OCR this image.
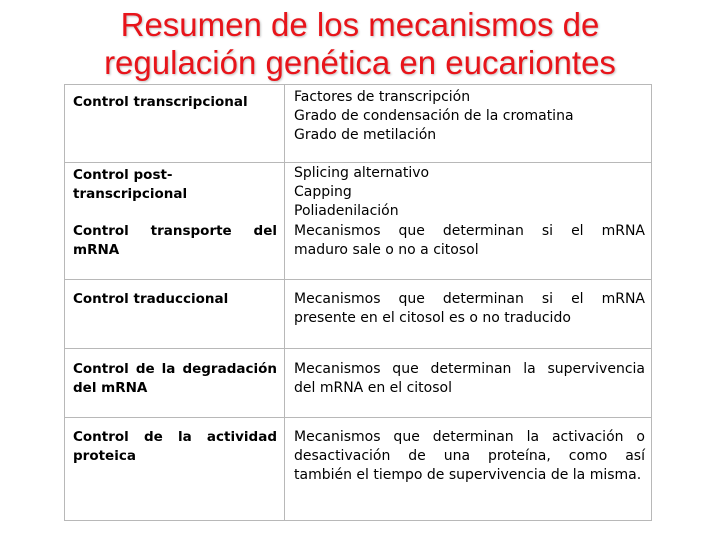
Resumen de los mecanismos de
regulación genética en eucariontes
Control transcripcional	Factores de transcripción
Grado de condensación de la cromatina
Grado de metilación
Control post-
transcripcional
Splicing alternativo
Capping
Poliadenilación
Control transporte del
mRNA
Mecanismos que determinan si el mRNA
maduro sale o no a citosol
Control traduccional	Mecanismos que determinan si el mRNA
presente en el citosol es o no traducido
Control de la degradación
del mRNA
Mecanismos que determinan la supervivencia
del mRNA en el citosol
Control de la actividad
proteica
Mecanismos que determinan la activación o
desactivación de una proteína, como así
también el tiempo de supervivencia de la misma.
